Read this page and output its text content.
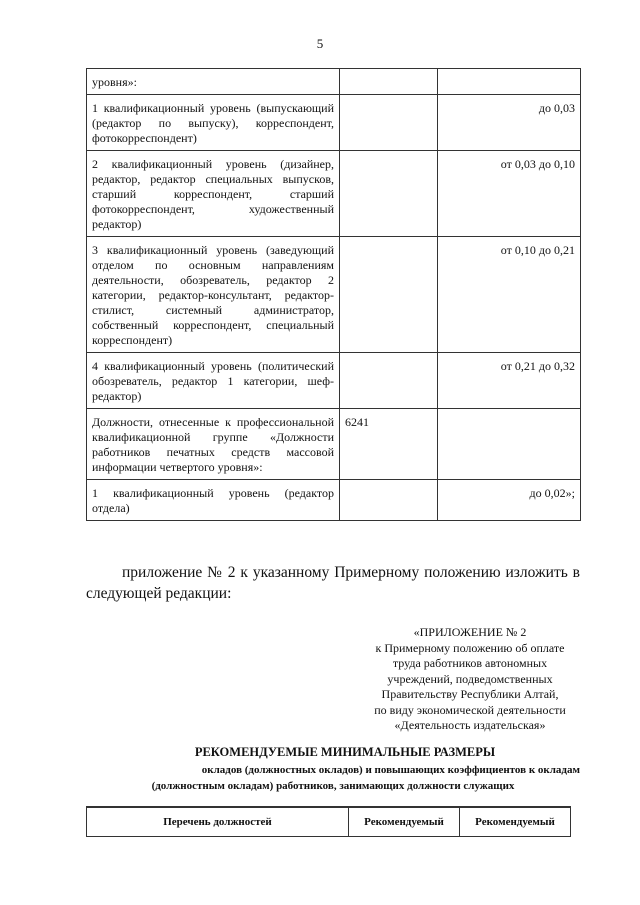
5
уровня»:		
1 квалификационный уровень (выпускающий (редактор по выпуску), корреспондент, фотокорреспондент)		до 0,03
2 квалификационный уровень (дизайнер, редактор, редактор специальных выпусков, старший корреспондент, старший фотокорреспондент, художественный редактор)		от 0,03 до 0,10
3 квалификационный уровень (заведующий отделом по основным направлениям деятельности, обозреватель, редактор 2 категории, редактор-консультант, редактор-стилист, системный администратор, собственный корреспондент, специальный корреспондент)		от 0,10 до 0,21
4 квалификационный уровень (политический обозреватель, редактор 1 категории, шеф-редактор)		от 0,21 до 0,32
Должности, отнесенные к профессиональной квалификационной группе «Должности работников печатных средств массовой информации четвертого уровня»:	6241	
1 квалификационный уровень (редактор отдела)		до 0,02»;
приложение № 2 к указанному Примерному положению изложить в следующей редакции:
«ПРИЛОЖЕНИЕ № 2
к Примерному положению об оплате
труда работников автономных
учреждений, подведомственных
Правительству Республики Алтай,
по виду экономической деятельности
«Деятельность издательская»
РЕКОМЕНДУЕМЫЕ МИНИМАЛЬНЫЕ РАЗМЕРЫ
окладов (должностных окладов) и повышающих коэффициентов к окладам
(должностным окладам) работников, занимающих должности служащих
Перечень должностей	Рекомендуемый	Рекомендуемый
